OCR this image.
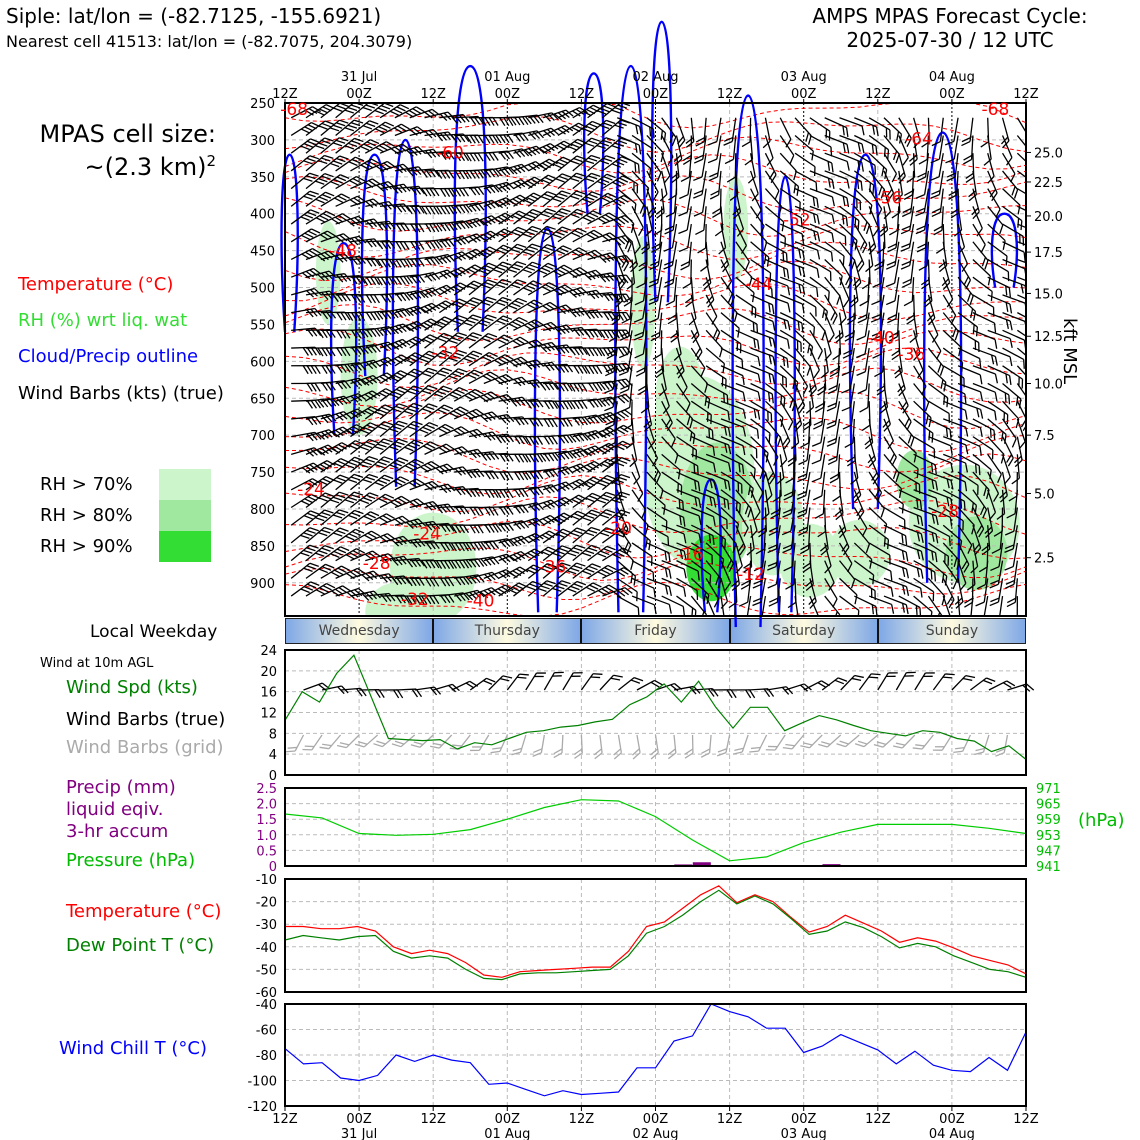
Siple: lat/lon = (-82.7125, -155.6921)
Nearest cell 41513: lat/lon = (-82.7075, 204.3079)
AMPS MPAS Forecast Cycle:
2025-07-30 / 12 UTC
MPAS cell size:
~(2.3 km)$^2$
Temperature (°C)
RH (%) wrt liq. wat
Cloud/Precip outline
Wind Barbs (kts) (true)
RH > 70%
RH > 80%
RH > 90%
Local Weekday	Wednesday	Thursday	Friday	Saturday	Sunday
Wind at 10m AGL
Wind Spd (kts)
Wind Barbs (true)
Wind Barbs (grid)
Precip (mm)
liquid eqiv.
3-hr accum
Pressure (hPa)
(hPa)
Temperature (°C)
Dew Point T (°C)
Wind Chill T (°C)
kft MSL
250
300
350
400
450
500
550
600
650
700
750
800
850
900
-68	-68
-60
-64
-56
-52
-48
-44
-40
-36
-32
-24
-24
-28
-36
-20
-16
-12
-32 -40
-28
25.0
22.5
20.0
17.5
15.0
12.5
10.0
7.5
5.0
2.5
12Z	00Z	12Z	00Z	12Z	00Z	12Z	00Z	12Z	00Z	12Z
31 Jul	01 Aug	02 Aug	03 Aug	04 Aug
0
4
8
12
16
20
24
0
0.5
1.0
1.5
2.0
2.5	971
965
959
953
947
941
-10
-20
-30
-40
-50
-60
-40
-60
-80
-100
-120
12Z	00Z	12Z	00Z	12Z	00Z	12Z	00Z	12Z	00Z	12Z
31 Jul	01 Aug	02 Aug	03 Aug	04 Aug
